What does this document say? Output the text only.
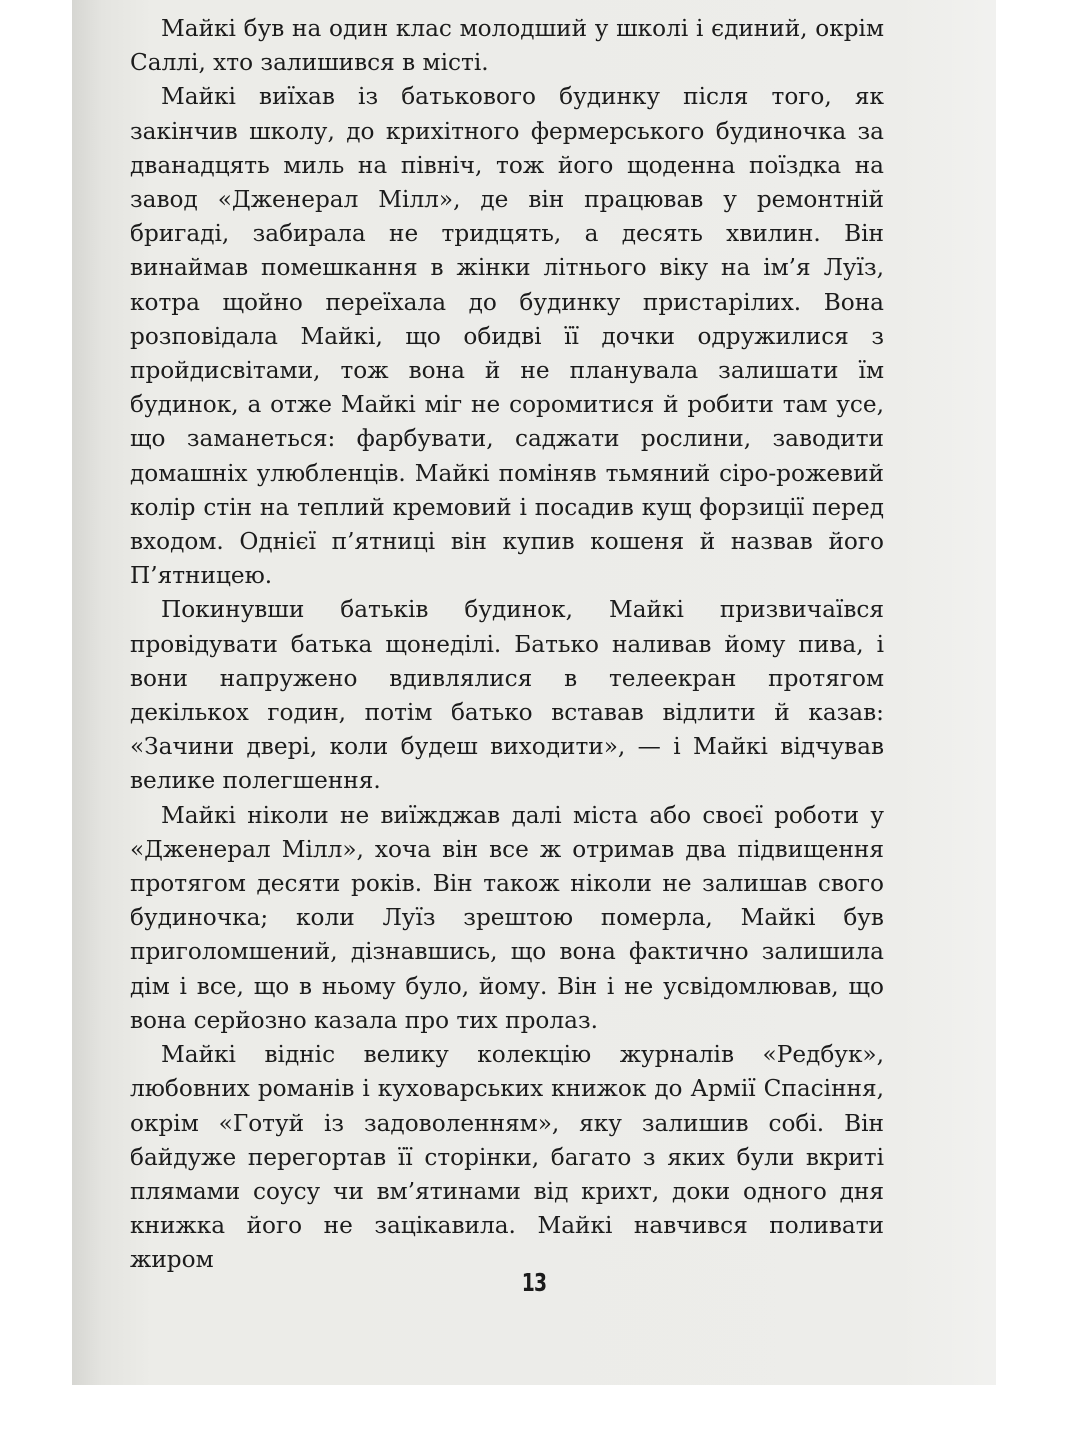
Майкі був на один клас молодший у школі і єдиний, окрім Саллі, хто залишився в місті.

Майкі виїхав із батькового будинку після того, як закінчив школу, до крихітного фермерського будиночка за дванадцять миль на північ, тож його щоденна поїздка на завод «Дженерал Мілл», де він працював у ремонтній бригаді, забирала не тридцять, а десять хвилин. Він винаймав помешкання в жінки літнього віку на ім’я Луїз, котра щойно переїхала до будинку пристарілих. Вона розповідала Майкі, що обидві її дочки одружилися з пройдисвітами, тож вона й не планувала залишати їм будинок, а отже Майкі міг не соромитися й робити там усе, що заманеться: фарбувати, саджати рослини, заводити домашніх улюбленців. Майкі поміняв тьмяний сіро-рожевий колір стін на теплий кремовий і посадив кущ форзиції перед входом. Однієї п’ятниці він купив кошеня й назвав його П’ятницею.

Покинувши батьків будинок, Майкі призвичаївся провідувати батька щонеділі. Батько наливав йому пива, і вони напружено вдивлялися в телеекран протягом декількох годин, потім батько вставав відлити й казав: «Зачини двері, коли будеш виходити», — і Майкі відчував велике полегшення.

Майкі ніколи не виїжджав далі міста або своєї роботи у «Дженерал Мілл», хоча він все ж отримав два підвищення протягом десяти років. Він також ніколи не залишав свого будиночка; коли Луїз зрештою померла, Майкі був приголомшений, дізнавшись, що вона фактично залишила дім і все, що в ньому було, йому. Він і не усвідомлював, що вона серйозно казала про тих пролаз.

Майкі відніс велику колекцію журналів «Редбук», любовних романів і куховарських книжок до Армії Спасіння, окрім «Готуй із задоволенням», яку залишив собі. Він байдуже перегортав її сторінки, багато з яких були вкриті плямами соусу чи вм’ятинами від крихт, доки одного дня книжка його не зацікавила. Майкі навчився поливати жиром

13
